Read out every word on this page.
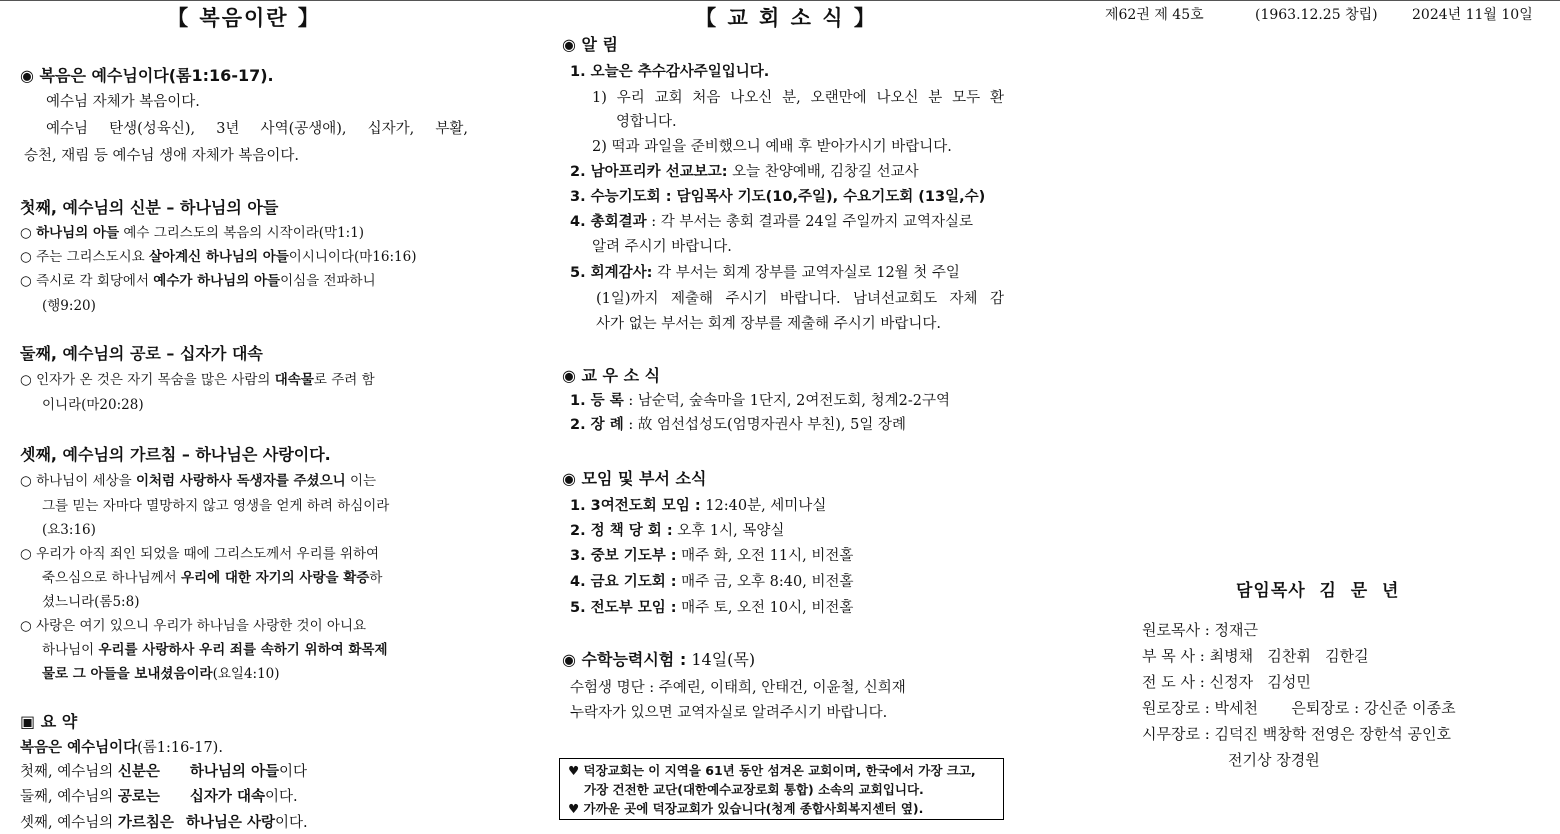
【 복음이란 】
◉ 복음은 예수님이다(롬1:16-17).
예수님 자체가 복음이다.
예수님 탄생(성육신), 3년 사역(공생애), 십자가, 부활,
승천, 재림 등 예수님 생애 자체가 복음이다.
첫째, 예수님의 신분 – 하나님의 아들
○ 하나님의 아들 예수 그리스도의 복음의 시작이라(막1:1)
○ 주는 그리스도시요 살아계신 하나님의 아들이시니이다(마16:16)
○ 즉시로 각 회당에서 예수가 하나님의 아들이심을 전파하니
(행9:20)
둘째, 예수님의 공로 – 십자가 대속
○ 인자가 온 것은 자기 목숨을 많은 사람의 대속물로 주려 함
이니라(마20:28)
셋째, 예수님의 가르침 – 하나님은 사랑이다.
○ 하나님이 세상을 이처럼 사랑하사 독생자를 주셨으니 이는
그를 믿는 자마다 멸망하지 않고 영생을 얻게 하려 하심이라
(요3:16)
○ 우리가 아직 죄인 되었을 때에 그리스도께서 우리를 위하여
죽으심으로 하나님께서 우리에 대한 자기의 사랑을 확증하
셨느니라(롬5:8)
○ 사랑은 여기 있으니 우리가 하나님을 사랑한 것이 아니요
하나님이 우리를 사랑하사 우리 죄를 속하기 위하여 화목제
물로 그 아들을 보내셨음이라(요일4:10)
▣ 요 약
복음은 예수님이다(롬1:16-17).
첫째, 예수님의 신분은 하나님의 아들이다
둘째, 예수님의 공로는 십자가 대속이다.
셋째, 예수님의 가르침은 하나님은 사랑이다.
【 교 회 소 식 】
◉ 알 림
1. 오늘은 추수감사주일입니다.
1) 우리 교회 처음 나오신 분, 오랜만에 나오신 분 모두 환
영합니다.
2) 떡과 과일을 준비했으니 예배 후 받아가시기 바랍니다.
2. 남아프리카 선교보고: 오늘 찬양예배, 김창길 선교사
3. 수능기도회 : 담임목사 기도(10,주일), 수요기도회 (13일,수)
4. 총회결과 : 각 부서는 총회 결과를 24일 주일까지 교역자실로
알려 주시기 바랍니다.
5. 회계감사: 각 부서는 회계 장부를 교역자실로 12월 첫 주일
(1일)까지 제출해 주시기 바랍니다. 남녀선교회도 자체 감
사가 없는 부서는 회계 장부를 제출해 주시기 바랍니다.
◉ 교 우 소 식
1. 등 록 : 남순덕, 숲속마을 1단지, 2여전도회, 청계2-2구역
2. 장 례 : 故 엄선섭성도(엄명자권사 부친), 5일 장례
◉ 모임 및 부서 소식
1. 3여전도회 모임 : 12:40분, 세미나실
2. 정 책 당 회 : 오후 1시, 목양실
3. 중보 기도부 : 매주 화, 오전 11시, 비전홀
4. 금요 기도회 : 매주 금, 오후 8:40, 비전홀
5. 전도부 모임 : 매주 토, 오전 10시, 비전홀
◉ 수학능력시험 : 14일(목)
수험생 명단 : 주예린, 이태희, 안태건, 이윤철, 신희재
누락자가 있으면 교역자실로 알려주시기 바랍니다.
♥ 덕장교회는 이 지역을 61년 동안 섬겨온 교회이며, 한국에서 가장 크고,
가장 건전한 교단(대한예수교장로회 통합) 소속의 교회입니다.
♥ 가까운 곳에 덕장교회가 있습니다(청계 종합사회복지센터 옆).
제62권 제 45호	(1963.12.25 창립) 2024년 11월 10일
담임목사  김  문  년
원로목사 : 정재근
부 목 사 : 최병채   김찬휘   김한길
전 도 사 : 신정자   김성민
원로장로 : 박세천       은퇴장로 : 강신준 이종초
시무장로 : 김덕진 백창학 전영은 장한석 공인호
전기상 장경원
